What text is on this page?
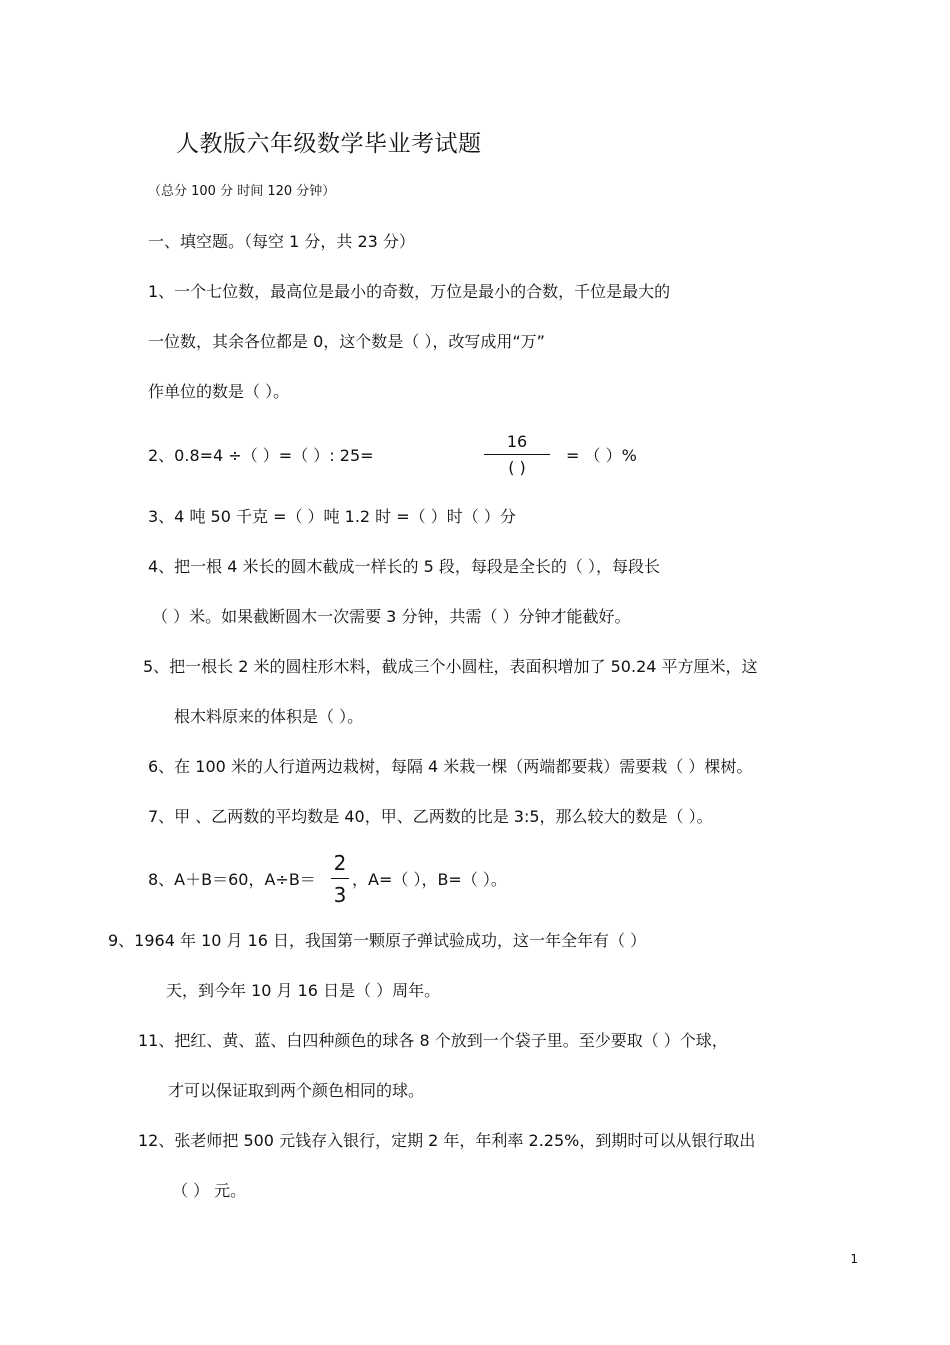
人教版六年级数学毕业考试题
（总分 100 分 时间 120 分钟）
一、填空题。（每空 1 分，共 23 分）
1、一个七位数，最高位是最小的奇数，万位是最小的合数，千位是最大的
一位数，其余各位都是 0，这个数是（ ），改写成用“万”
作单位的数是（ ）。
2、0.8=4 ÷（ ）=（ ）: 25=
16
( )
= （ ）%
3、4 吨 50 千克 =（ ）吨 1.2 时 =（ ）时（ ）分
4、把一根 4 米长的圆木截成一样长的 5 段，每段是全长的（ ），每段长
（ ）米。如果截断圆木一次需要 3 分钟，共需（ ）分钟才能截好。
5、把一根长 2 米的圆柱形木料，截成三个小圆柱，表面积增加了 50.24 平方厘米，这
根木料原来的体积是（ ）。
6、在 100 米的人行道两边栽树，每隔 4 米栽一棵（两端都要栽）需要栽（ ）棵树。
7、甲 、乙两数的平均数是 40，甲、乙两数的比是 3:5，那么较大的数是（ ）。
8、A＋B＝60，A÷B＝
2
3
，A=（ ），B=（ ）。
9、1964 年 10 月 16 日，我国第一颗原子弹试验成功，这一年全年有（ ）
天，到今年 10 月 16 日是（ ）周年。
11、把红、黄、蓝、白四种颜色的球各 8 个放到一个袋子里。至少要取（ ）个球，
才可以保证取到两个颜色相同的球。
12、张老师把 500 元钱存入银行，定期 2 年，年利率 2.25%，到期时可以从银行取出
（ ） 元。
1
